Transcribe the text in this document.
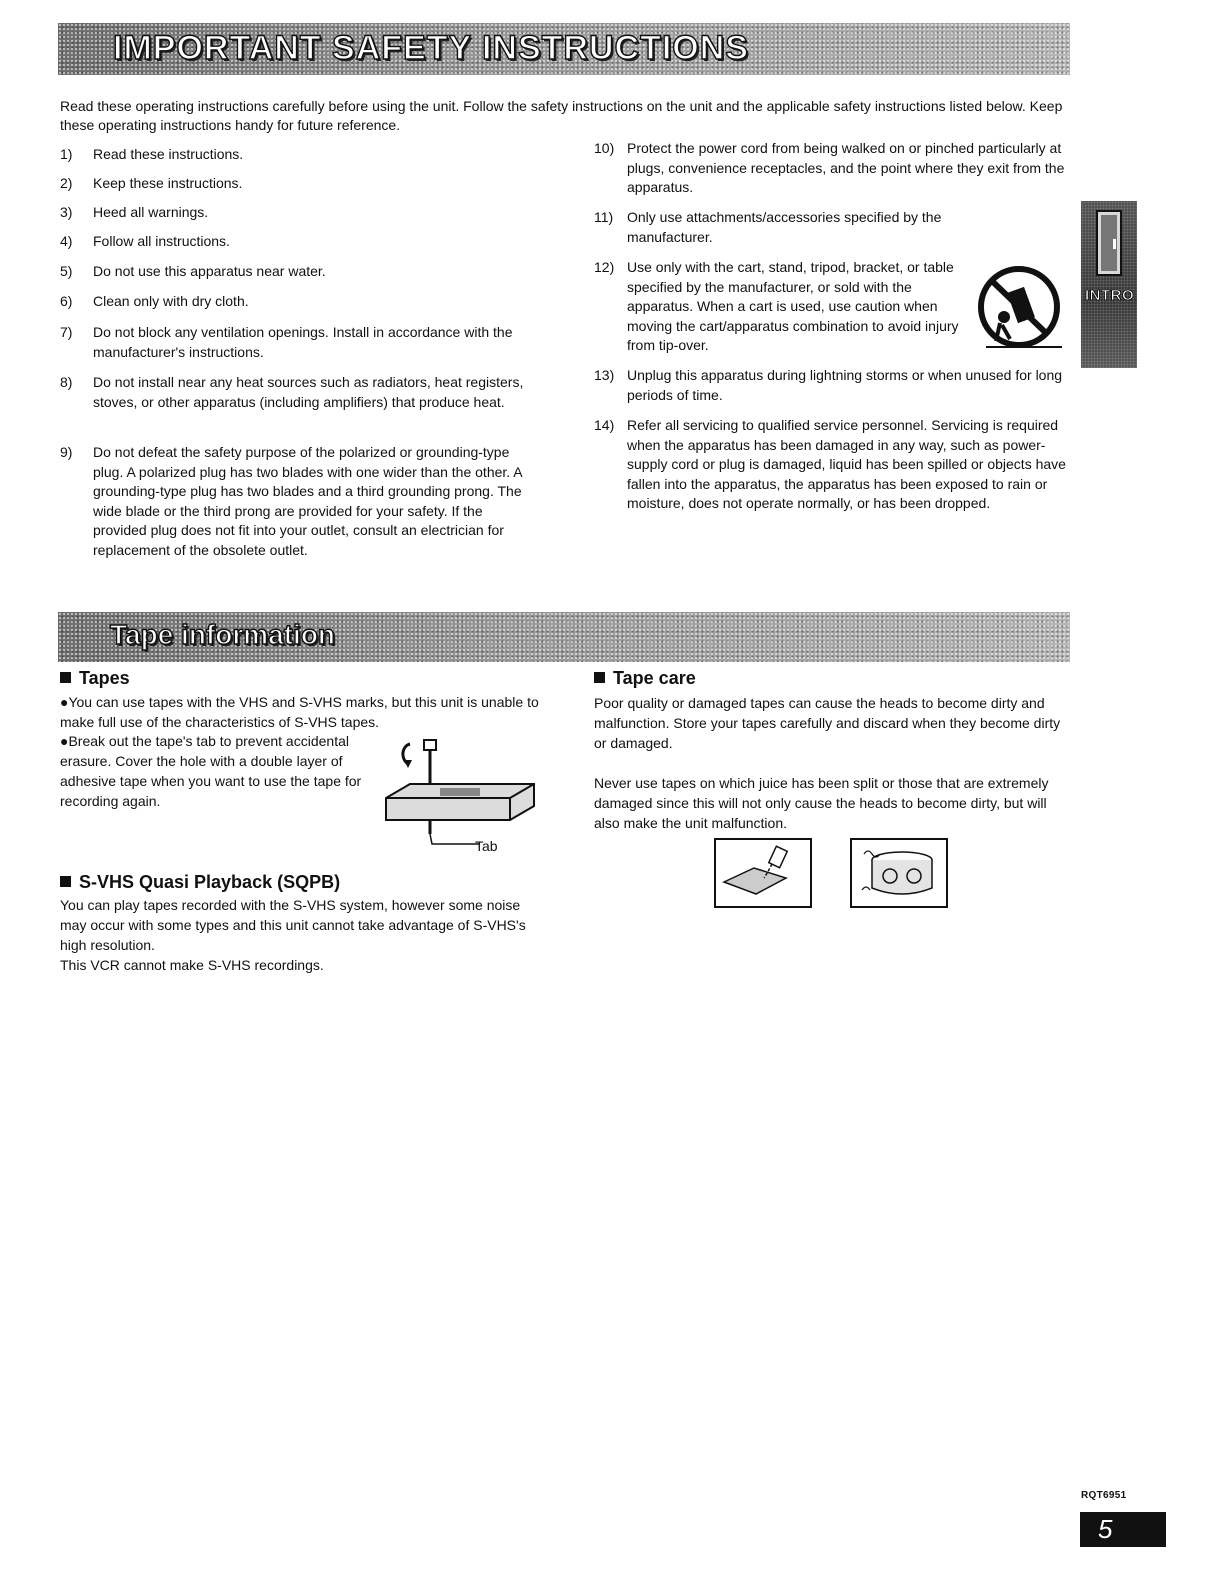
IMPORTANT SAFETY INSTRUCTIONS

Read these operating instructions carefully before using the unit. Follow the safety instructions on the unit and the applicable safety instructions listed below. Keep these operating instructions handy for future reference.

1) Read these instructions.
2) Keep these instructions.
3) Heed all warnings.
4) Follow all instructions.
5) Do not use this apparatus near water.
6) Clean only with dry cloth.
7) Do not block any ventilation openings. Install in accordance with the manufacturer's instructions.
8) Do not install near any heat sources such as radiators, heat registers, stoves, or other apparatus (including amplifiers) that produce heat.
9) Do not defeat the safety purpose of the polarized or grounding-type plug. A polarized plug has two blades with one wider than the other. A grounding-type plug has two blades and a third grounding prong. The wide blade or the third prong are provided for your safety. If the provided plug does not fit into your outlet, consult an electrician for replacement of the obsolete outlet.
10) Protect the power cord from being walked on or pinched particularly at plugs, convenience receptacles, and the point where they exit from the apparatus.
11) Only use attachments/accessories specified by the manufacturer.
12) Use only with the cart, stand, tripod, bracket, or table specified by the manufacturer, or sold with the apparatus. When a cart is used, use caution when moving the cart/apparatus combination to avoid injury from tip-over.
13) Unplug this apparatus during lightning storms or when unused for long periods of time.
14) Refer all servicing to qualified service personnel. Servicing is required when the apparatus has been damaged in any way, such as power-supply cord or plug is damaged, liquid has been spilled or objects have fallen into the apparatus, the apparatus has been exposed to rain or moisture, does not operate normally, or has been dropped.
INTRO
Tape information
Tapes

●You can use tapes with the VHS and S-VHS marks, but this unit is unable to make full use of the characteristics of S-VHS tapes.

●Break out the tape's tab to prevent accidental erasure. Cover the hole with a double layer of adhesive tape when you want to use the tape for recording again.

Tab
S-VHS Quasi Playback (SQPB)

You can play tapes recorded with the S-VHS system, however some noise may occur with some types and this unit cannot take advantage of S-VHS's high resolution.

This VCR cannot make S-VHS recordings.

Tape care

Poor quality or damaged tapes can cause the heads to become dirty and malfunction. Store your tapes carefully and discard when they become dirty or damaged.

Never use tapes on which juice has been split or those that are extremely damaged since this will not only cause the heads to become dirty, but will also make the unit malfunction.

RQT6951
5
